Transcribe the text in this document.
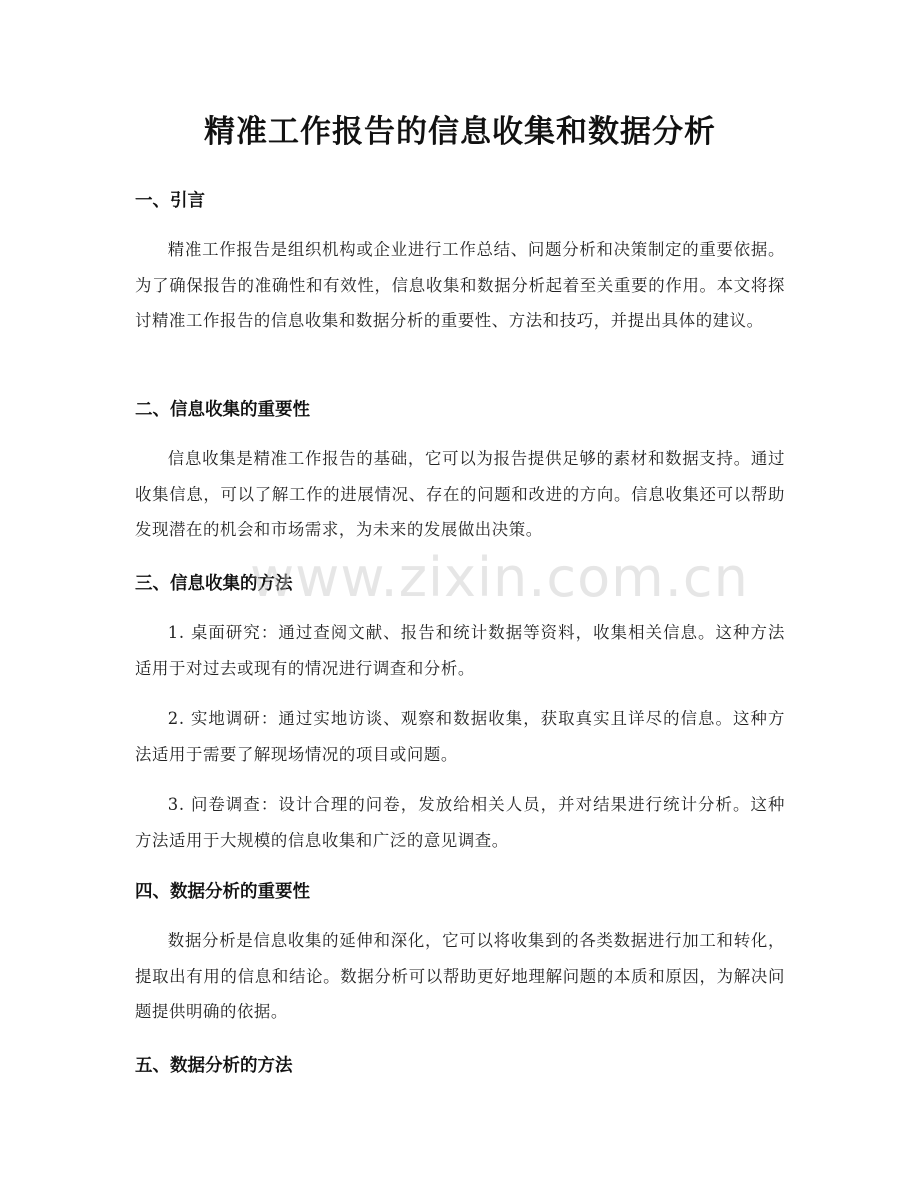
精准工作报告的信息收集和数据分析
一、引言

精准工作报告是组织机构或企业进行工作总结、问题分析和决策制定的重要依据。为了确保报告的准确性和有效性，信息收集和数据分析起着至关重要的作用。本文将探讨精准工作报告的信息收集和数据分析的重要性、方法和技巧，并提出具体的建议。

二、信息收集的重要性

信息收集是精准工作报告的基础，它可以为报告提供足够的素材和数据支持。通过收集信息，可以了解工作的进展情况、存在的问题和改进的方向。信息收集还可以帮助发现潜在的机会和市场需求，为未来的发展做出决策。

三、信息收集的方法

1. 桌面研究：通过查阅文献、报告和统计数据等资料，收集相关信息。这种方法适用于对过去或现有的情况进行调查和分析。

2. 实地调研：通过实地访谈、观察和数据收集，获取真实且详尽的信息。这种方法适用于需要了解现场情况的项目或问题。

3. 问卷调查：设计合理的问卷，发放给相关人员，并对结果进行统计分析。这种方法适用于大规模的信息收集和广泛的意见调查。

四、数据分析的重要性

数据分析是信息收集的延伸和深化，它可以将收集到的各类数据进行加工和转化，提取出有用的信息和结论。数据分析可以帮助更好地理解问题的本质和原因，为解决问题提供明确的依据。

五、数据分析的方法
www.zixin.com.cn
